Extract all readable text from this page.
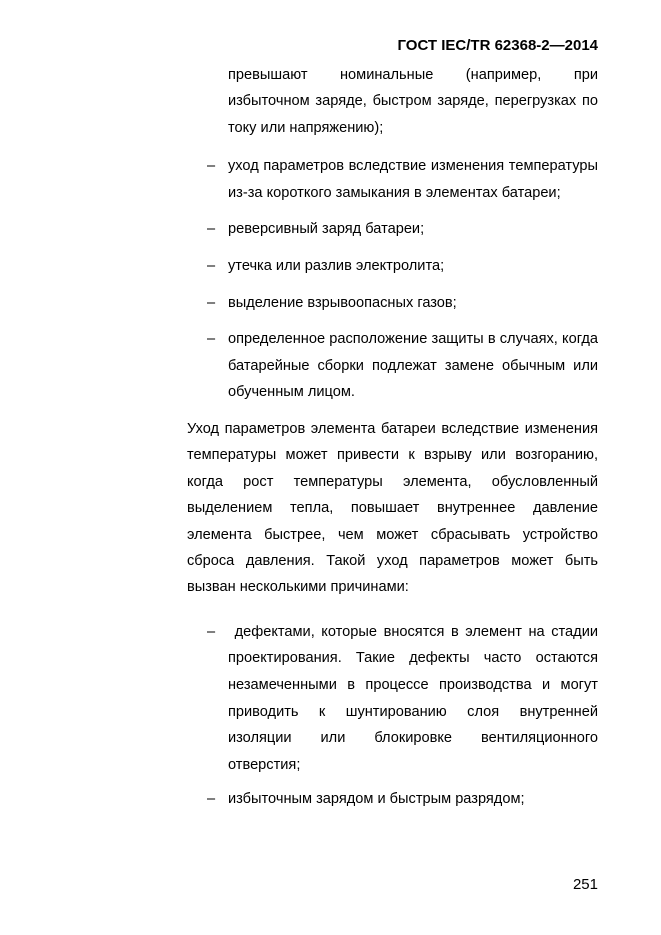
ГОСТ IEC/TR 62368-2—2014

превышают номинальные (например, при избыточном заряде, быстром заряде, перегрузках по току или напряжению);

– уход параметров вследствие изменения температуры из-за короткого замыкания в элементах батареи;
– реверсивный заряд батареи;
– утечка или разлив электролита;
– выделение взрывоопасных газов;
– определенное расположение защиты в случаях, когда батарейные сборки подлежат замене обычным или обученным лицом.

Уход параметров элемента батареи вследствие изменения температуры может привести к взрыву или возгоранию, когда рост температуры элемента, обусловленный выделением тепла, повышает внутреннее давление элемента быстрее, чем может сбрасывать устройство сброса давления. Такой уход параметров может быть вызван несколькими причинами:

– дефектами, которые вносятся в элемент на стадии проектирования. Такие дефекты часто остаются незамеченными в процессе производства и могут приводить к шунтированию слоя внутренней изоляции или блокировке вентиляционного отверстия;
– избыточным зарядом и быстрым разрядом;
251
